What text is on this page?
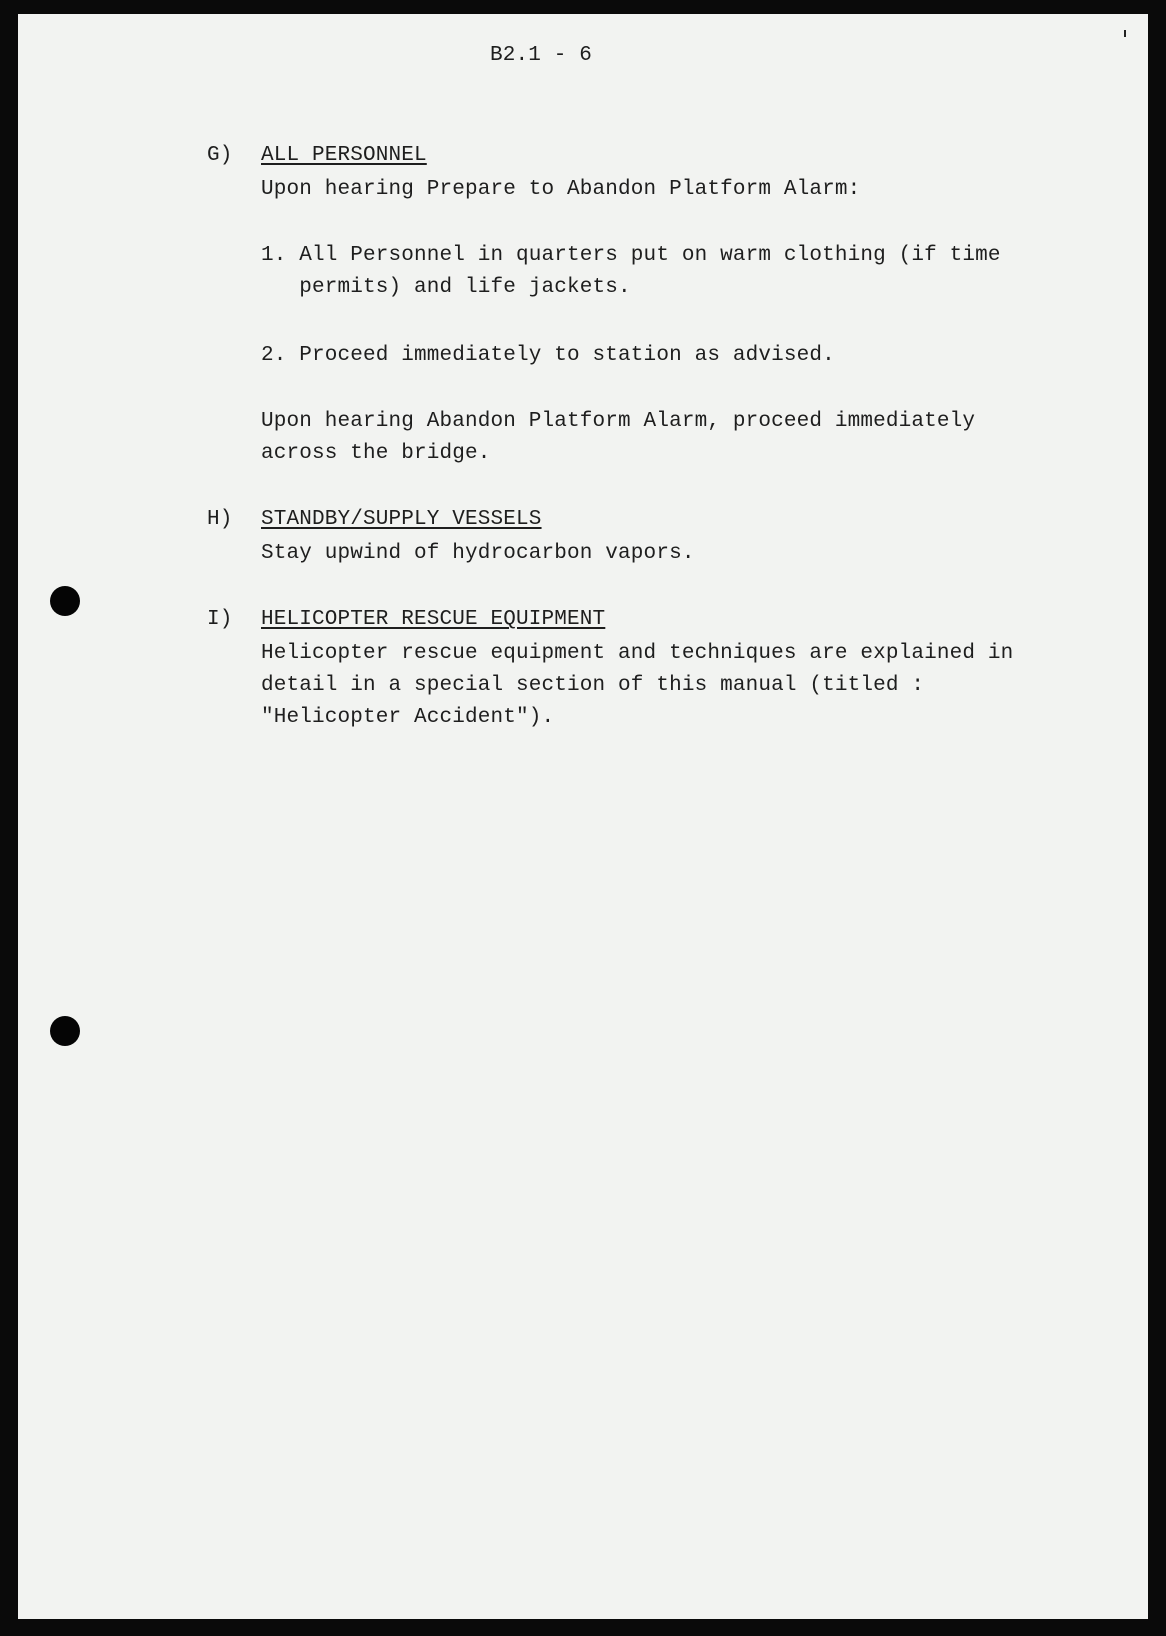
B2.1 - 6
G) ALL PERSONNEL
Upon hearing Prepare to Abandon Platform Alarm:
1. All Personnel in quarters put on warm clothing (if time
permits) and life jackets.
2. Proceed immediately to station as advised.
Upon hearing Abandon Platform Alarm, proceed immediately
across the bridge.
H) STANDBY/SUPPLY VESSELS
Stay upwind of hydrocarbon vapors.
I) HELICOPTER RESCUE EQUIPMENT
Helicopter rescue equipment and techniques are explained in
detail in a special section of this manual (titled :
"Helicopter Accident").
